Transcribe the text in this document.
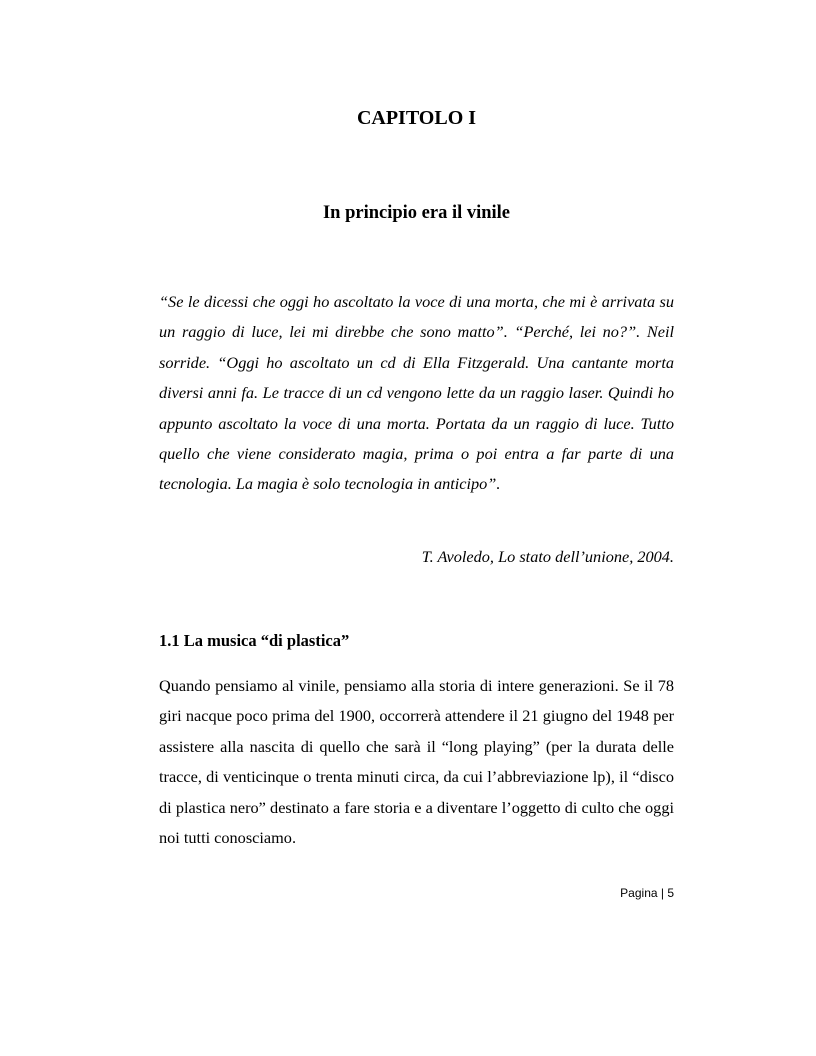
CAPITOLO I
In principio era il vinile

“Se le dicessi che oggi ho ascoltato la voce di una morta, che mi è arrivata su un raggio di luce, lei mi direbbe che sono matto”. “Perché, lei no?”. Neil sorride. “Oggi ho ascoltato un cd di Ella Fitzgerald. Una cantante morta diversi anni fa. Le tracce di un cd vengono lette da un raggio laser. Quindi ho appunto ascoltato la voce di una morta. Portata da un raggio di luce. Tutto quello che viene considerato magia, prima o poi entra a far parte di una tecnologia. La magia è solo tecnologia in anticipo”.

T. Avoledo, Lo stato dell’unione, 2004.

1.1 La musica “di plastica”

Quando pensiamo al vinile, pensiamo alla storia di intere generazioni. Se il 78 giri nacque poco prima del 1900, occorrerà attendere il 21 giugno del 1948 per assistere alla nascita di quello che sarà il “long playing” (per la durata delle tracce, di venticinque o trenta minuti circa, da cui l’abbreviazione lp), il “disco di plastica nero” destinato a fare storia e a diventare l’oggetto di culto che oggi noi tutti conosciamo.

Pagina | 5
